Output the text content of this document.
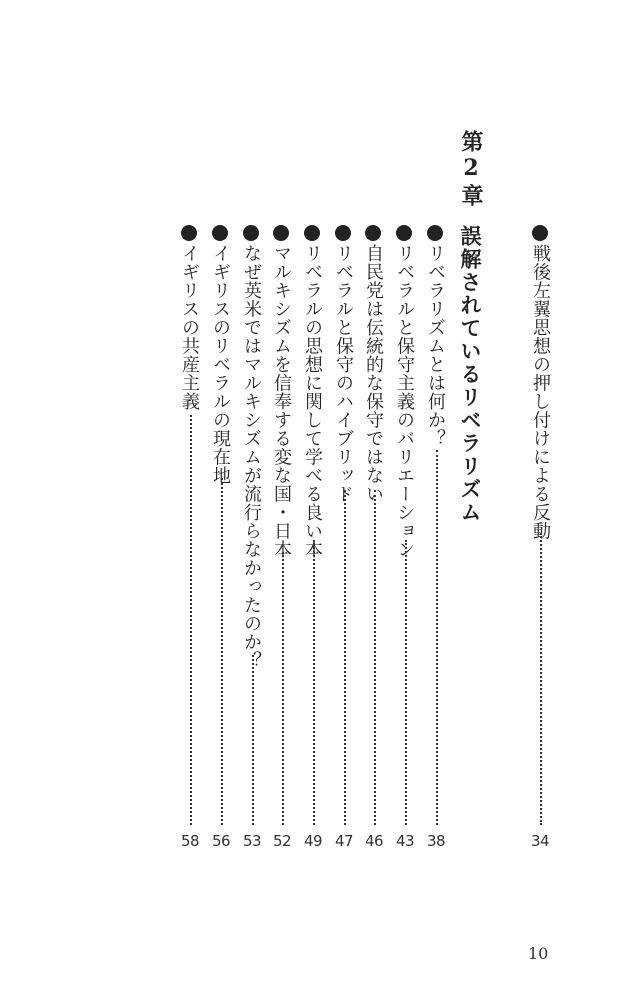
戦後左翼思想の押し付けによる反動
34
第2章
誤解されているリベラリズム
リベラリズムとは何か？
38
リベラルと保守主義のバリエーション
43
自民党は伝統的な保守ではない
46
リベラルと保守のハイブリッド
47
リベラルの思想に関して学べる良い本
49
マルキシズムを信奉する変な国・日本
52
なぜ英米ではマルキシズムが流行らなかったのか？
53
イギリスのリベラルの現在地
56
イギリスの共産主義
58
10
